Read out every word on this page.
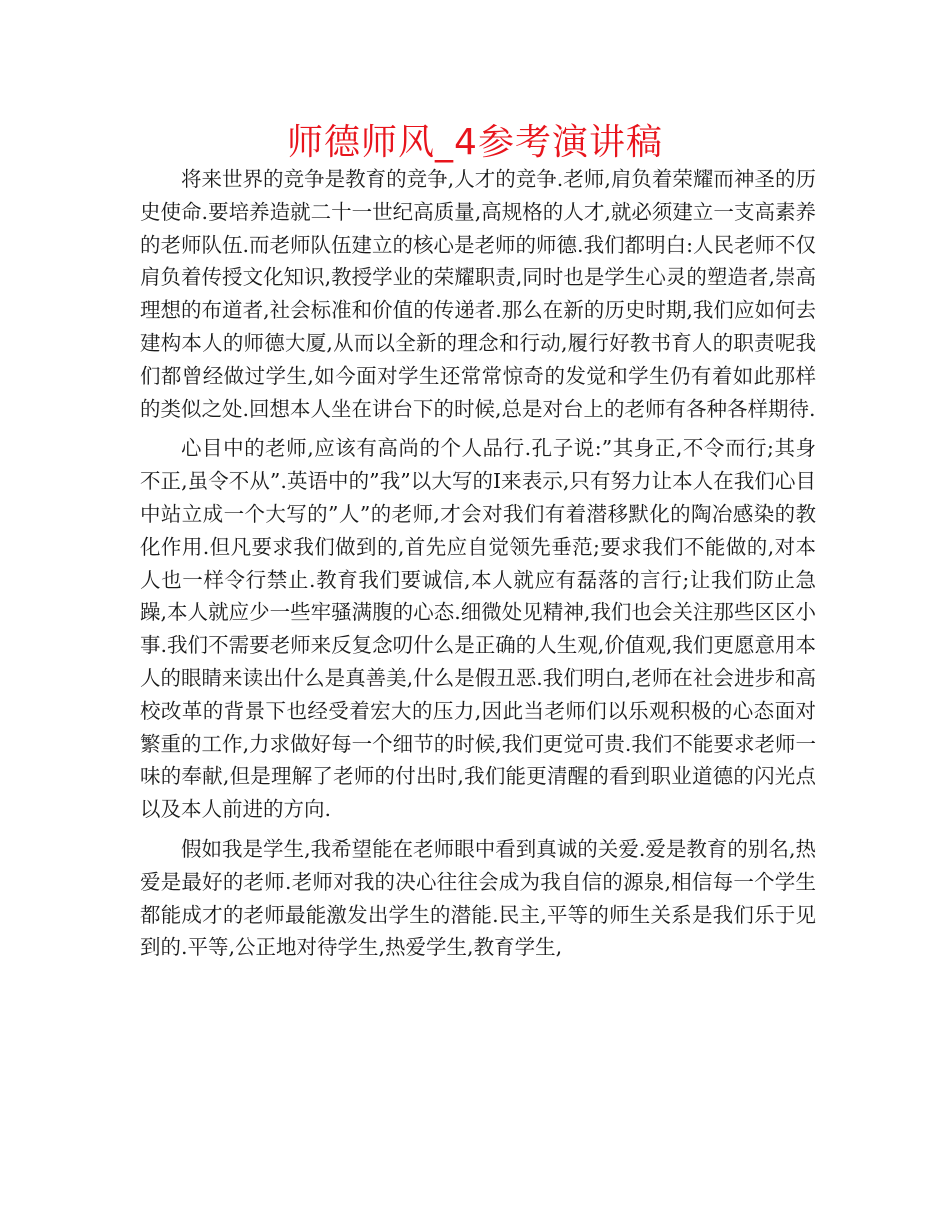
师德师风_4参考演讲稿

将来世界的竞争是教育的竞争,人才的竞争.老师,肩负着荣耀而神圣的历史使命.要培养造就二十一世纪高质量,高规格的人才,就必须建立一支高素养的老师队伍.而老师队伍建立的核心是老师的师德.我们都明白:人民老师不仅肩负着传授文化知识,教授学业的荣耀职责,同时也是学生心灵的塑造者,崇高理想的布道者,社会标准和价值的传递者.那么在新的历史时期,我们应如何去建构本人的师德大厦,从而以全新的理念和行动,履行好教书育人的职责呢我们都曾经做过学生,如今面对学生还常常惊奇的发觉和学生仍有着如此那样的类似之处.回想本人坐在讲台下的时候,总是对台上的老师有各种各样期待.

心目中的老师,应该有高尚的个人品行.孔子说:”其身正,不令而行;其身不正,虽令不从”.英语中的”我”以大写的I来表示,只有努力让本人在我们心目中站立成一个大写的”人”的老师,才会对我们有着潜移默化的陶冶感染的教化作用.但凡要求我们做到的,首先应自觉领先垂范;要求我们不能做的,对本人也一样令行禁止.教育我们要诚信,本人就应有磊落的言行;让我们防止急躁,本人就应少一些牢骚满腹的心态.细微处见精神,我们也会关注那些区区小事.我们不需要老师来反复念叨什么是正确的人生观,价值观,我们更愿意用本人的眼睛来读出什么是真善美,什么是假丑恶.我们明白,老师在社会进步和高校改革的背景下也经受着宏大的压力,因此当老师们以乐观积极的心态面对繁重的工作,力求做好每一个细节的时候,我们更觉可贵.我们不能要求老师一味的奉献,但是理解了老师的付出时,我们能更清醒的看到职业道德的闪光点以及本人前进的方向.

假如我是学生,我希望能在老师眼中看到真诚的关爱.爱是教育的别名,热爱是最好的老师.老师对我的决心往往会成为我自信的源泉,相信每一个学生都能成才的老师最能激发出学生的潜能.民主,平等的师生关系是我们乐于见到的.平等,公正地对待学生,热爱学生,教育学生,
